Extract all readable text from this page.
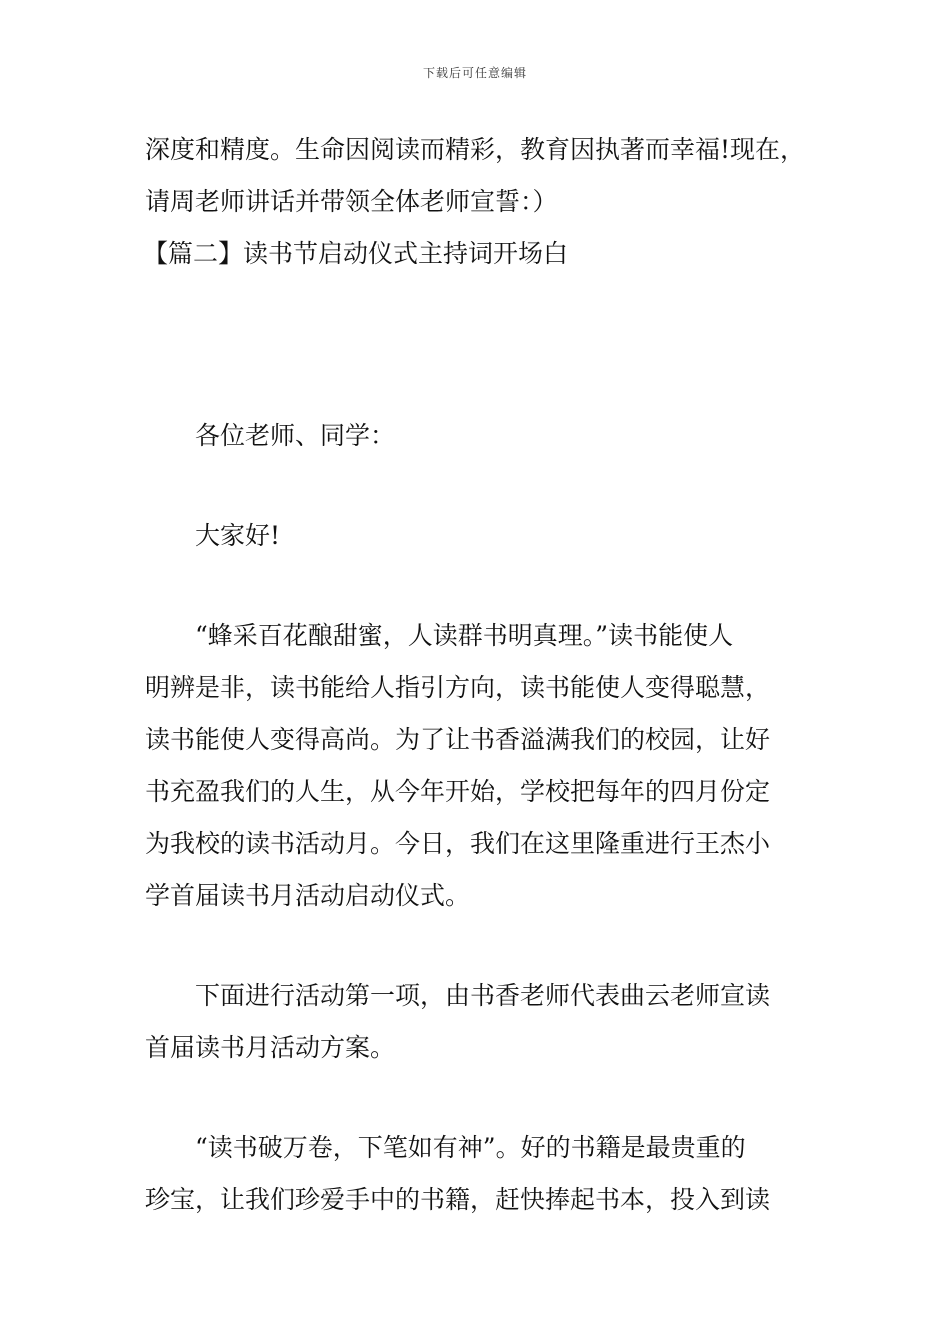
下载后可任意编辑

深度和精度。生命因阅读而精彩，教育因执著而幸福!现在，

请周老师讲话并带领全体老师宣誓：）

【篇二】读书节启动仪式主持词开场白

各位老师、同学：

大家好!

“蜂采百花酿甜蜜，人读群书明真理。”读书能使人

明辨是非，读书能给人指引方向，读书能使人变得聪慧，

读书能使人变得高尚。为了让书香溢满我们的校园，让好

书充盈我们的人生，从今年开始，学校把每年的四月份定

为我校的读书活动月。今日，我们在这里隆重进行王杰小

学首届读书月活动启动仪式。

下面进行活动第一项，由书香老师代表曲云老师宣读

首届读书月活动方案。

“读书破万卷，下笔如有神”。好的书籍是最贵重的

珍宝，让我们珍爱手中的书籍，赶快捧起书本，投入到读
